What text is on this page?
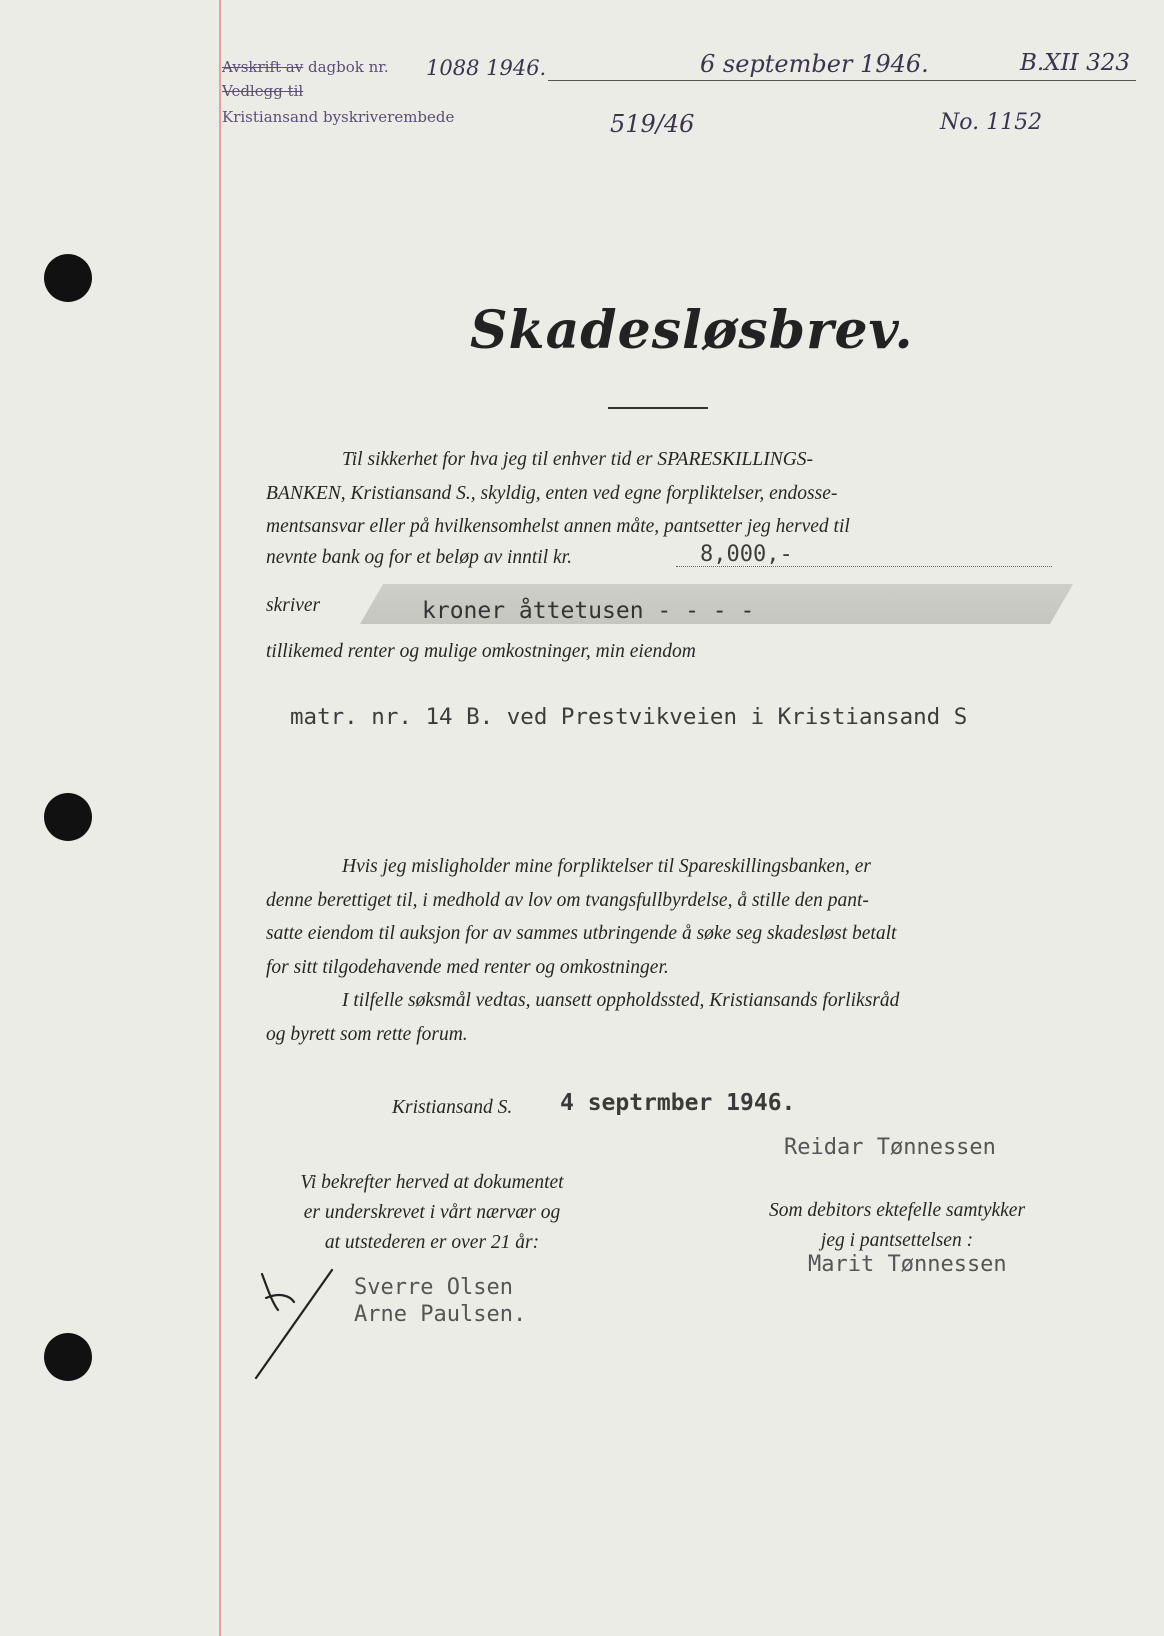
Avskrift av dagbok nr.
Vedlegg til
Kristiansand byskriverembede
1088 1946.	6 september 1946.	B.XII 323
519/46	No. 1152
Skadesløsbrev.

Til sikkerhet for hva jeg til enhver tid er SPARESKILLINGS-

BANKEN, Kristiansand S., skyldig, enten ved egne forpliktelser, endosse-

mentsansvar eller på hvilkensomhelst annen måte, pantsetter jeg herved til

nevnte bank og for et beløp av inntil kr.	8,000,-
skriver	kroner åttetusen - - - -
tillikemed renter og mulige omkostninger, min eiendom
matr. nr. 14 B. ved Prestvikveien i Kristiansand S

Hvis jeg misligholder mine forpliktelser til Spareskillingsbanken, er

denne berettiget til, i medhold av lov om tvangsfullbyrdelse, å stille den pant-

satte eiendom til auksjon for av sammes utbringende å søke seg skadesløst betalt

for sitt tilgodehavende med renter og omkostninger.

I tilfelle søksmål vedtas, uansett oppholdssted, Kristiansands forliksråd

og byrett som rette forum.

Kristiansand S. 4 septrmber 1946.
Reidar Tønnessen
Vi bekrefter herved at dokumentet
er underskrevet i vårt nærvær og
at utstederen er over 21 år:
Som debitors ektefelle samtykker
jeg i pantsettelsen :
Marit Tønnessen
Sverre Olsen
Arne Paulsen.
